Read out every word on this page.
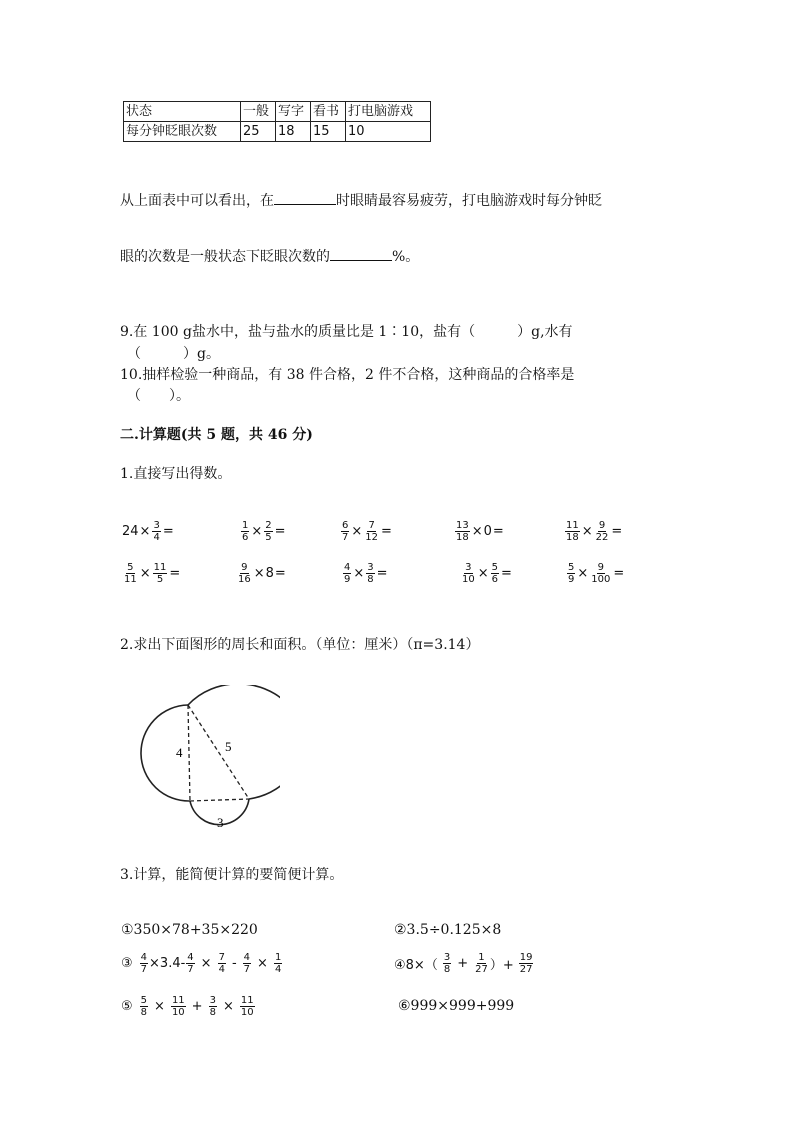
状态	一般	写字	看书	打电脑游戏
每分钟眨眼次数	25	18	15	10
从上面表中可以看出，在	时眼睛最容易疲劳，打电脑游戏时每分钟眨
眼的次数是一般状态下眨眼次数的	%。
9.在 100 g盐水中，盐与盐水的质量比是 1∶10，盐有（　　　）g,水有
（　　　）g。
10.抽样检验一种商品，有 38 件合格，2 件不合格，这种商品的合格率是
（　　）。
二.计算题(共 5 题，共 46 分)
1.直接写出得数。
$24 \times \frac{3}{4}$ =	$\frac{1}{6} \times \frac{2}{5}$ =	$\frac{6}{7} \times \frac{7}{12}$ =	$\frac{13}{18} \times 0$ =	$\frac{11}{18} \times \frac{9}{22}$ =
$\frac{5}{11} \times \frac{11}{5}$ =	$\frac{9}{16} \times 8$ =	$\frac{4}{9} \times \frac{3}{8}$ =	$\frac{3}{10} \times \frac{5}{6}$ =	$\frac{5}{9} \times \frac{9}{100}$ =
2.求出下面图形的周长和面积。（单位：厘米）（π=3.14）
4	5
3
3.计算，能简便计算的要简便计算。
①350×78+35×220	②3.5÷0.125×8
③ $\frac{4}{7} \times 3.4- \frac{4}{7} \times \frac{7}{4} - \frac{4}{7} \times \frac{1}{4}$	④8×（ $\frac{3}{8} + \frac{1}{27}$ ）+ $\frac{19}{27}$
⑤ $\frac{5}{8} \times \frac{11}{10} + \frac{3}{8} \times \frac{11}{10}$	⑥999×999+999
